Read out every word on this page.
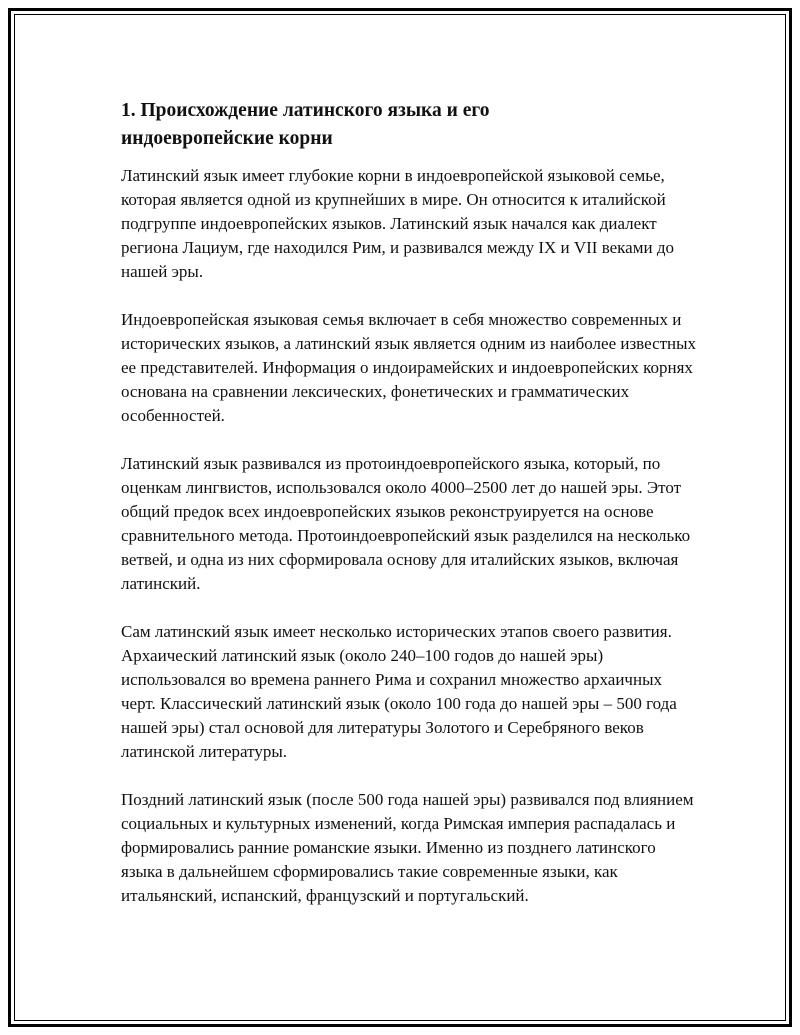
1. Происхождение латинского языка и его индоевропейские корни

Латинский язык имеет глубокие корни в индоевропейской языковой семье, которая является одной из крупнейших в мире. Он относится к италийской подгруппе индоевропейских языков. Латинский язык начался как диалект региона Лациум, где находился Рим, и развивался между IX и VII веками до нашей эры.

Индоевропейская языковая семья включает в себя множество современных и исторических языков, а латинский язык является одним из наиболее известных ее представителей. Информация о индоирамейских и индоевропейских корнях основана на сравнении лексических, фонетических и грамматических особенностей.

Латинский язык развивался из протоиндоевропейского языка, который, по оценкам лингвистов, использовался около 4000–2500 лет до нашей эры. Этот общий предок всех индоевропейских языков реконструируется на основе сравнительного метода. Протоиндоевропейский язык разделился на несколько ветвей, и одна из них сформировала основу для италийских языков, включая латинский.

Сам латинский язык имеет несколько исторических этапов своего развития. Архаический латинский язык (около 240–100 годов до нашей эры) использовался во времена раннего Рима и сохранил множество архаичных черт. Классический латинский язык (около 100 года до нашей эры – 500 года нашей эры) стал основой для литературы Золотого и Серебряного веков латинской литературы.

Поздний латинский язык (после 500 года нашей эры) развивался под влиянием социальных и культурных изменений, когда Римская империя распадалась и формировались ранние романские языки. Именно из позднего латинского языка в дальнейшем сформировались такие современные языки, как итальянский, испанский, французский и португальский.
